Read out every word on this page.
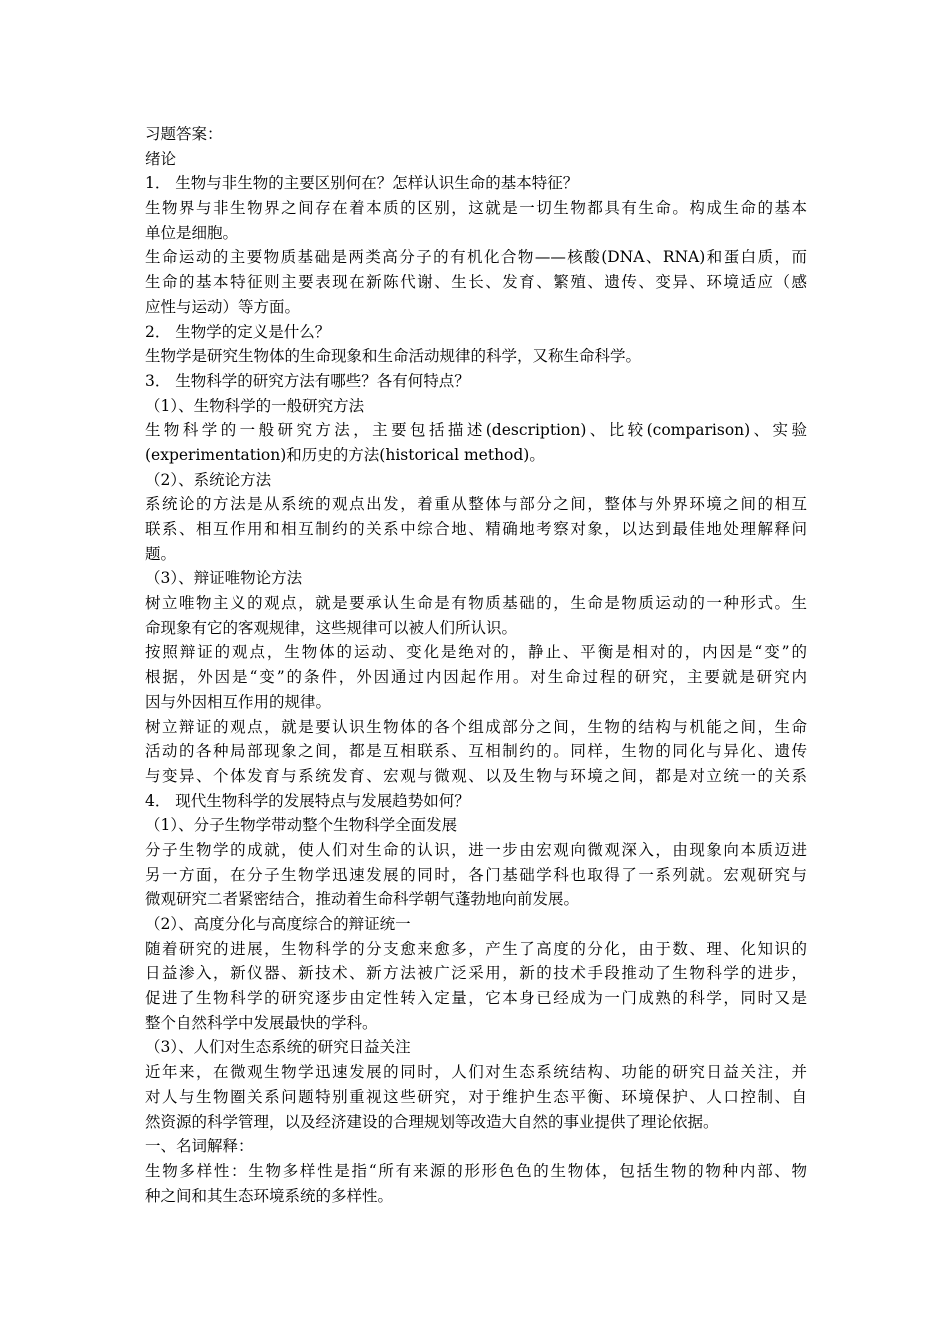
习题答案：

绪论

1． 生物与非生物的主要区别何在？怎样认识生命的基本特征？

生物界与非生物界之间存在着本质的区别，这就是一切生物都具有生命。构成生命的基本

单位是细胞。

生命运动的主要物质基础是两类高分子的有机化合物——核酸(DNA、RNA)和蛋白质，而

生命的基本特征则主要表现在新陈代谢、生长、发育、繁殖、遗传、变异、环境适应（感

应性与运动）等方面。

2． 生物学的定义是什么？

生物学是研究生物体的生命现象和生命活动规律的科学，又称生命科学。

3． 生物科学的研究方法有哪些？各有何特点？

（1）、生物科学的一般研究方法

生物科学的一般研究方法，主要包括描述(description)、比较(comparison)、实验

(experimentation)和历史的方法(historical method)。

（2）、系统论方法

系统论的方法是从系统的观点出发，着重从整体与部分之间，整体与外界环境之间的相互

联系、相互作用和相互制约的关系中综合地、精确地考察对象，以达到最佳地处理解释问

题。

（3）、辩证唯物论方法

树立唯物主义的观点，就是要承认生命是有物质基础的，生命是物质运动的一种形式。生

命现象有它的客观规律，这些规律可以被人们所认识。

按照辩证的观点，生物体的运动、变化是绝对的，静止、平衡是相对的，内因是“变”的

根据，外因是“变”的条件，外因通过内因起作用。对生命过程的研究，主要就是研究内

因与外因相互作用的规律。

树立辩证的观点，就是要认识生物体的各个组成部分之间，生物的结构与机能之间，生命

活动的各种局部现象之间，都是互相联系、互相制约的。同样，生物的同化与异化、遗传

与变异、个体发育与系统发育、宏观与微观、以及生物与环境之间，都是对立统一的关系

4． 现代生物科学的发展特点与发展趋势如何？

（1）、分子生物学带动整个生物科学全面发展

分子生物学的成就，使人们对生命的认识，进一步由宏观向微观深入，由现象向本质迈进

另一方面，在分子生物学迅速发展的同时，各门基础学科也取得了一系列就。宏观研究与

微观研究二者紧密结合，推动着生命科学朝气蓬勃地向前发展。

（2）、高度分化与高度综合的辩证统一

随着研究的进展，生物科学的分支愈来愈多，产生了高度的分化，由于数、理、化知识的

日益渗入，新仪器、新技术、新方法被广泛采用，新的技术手段推动了生物科学的进步，

促进了生物科学的研究逐步由定性转入定量，它本身已经成为一门成熟的科学，同时又是

整个自然科学中发展最快的学科。

（3）、人们对生态系统的研究日益关注

近年来，在微观生物学迅速发展的同时，人们对生态系统结构、功能的研究日益关注，并

对人与生物圈关系问题特别重视这些研究，对于维护生态平衡、环境保护、人口控制、自

然资源的科学管理，以及经济建设的合理规划等改造大自然的事业提供了理论依据。

一、名词解释：

生物多样性：生物多样性是指“所有来源的形形色色的生物体，包括生物的物种内部、物

种之间和其生态环境系统的多样性。
